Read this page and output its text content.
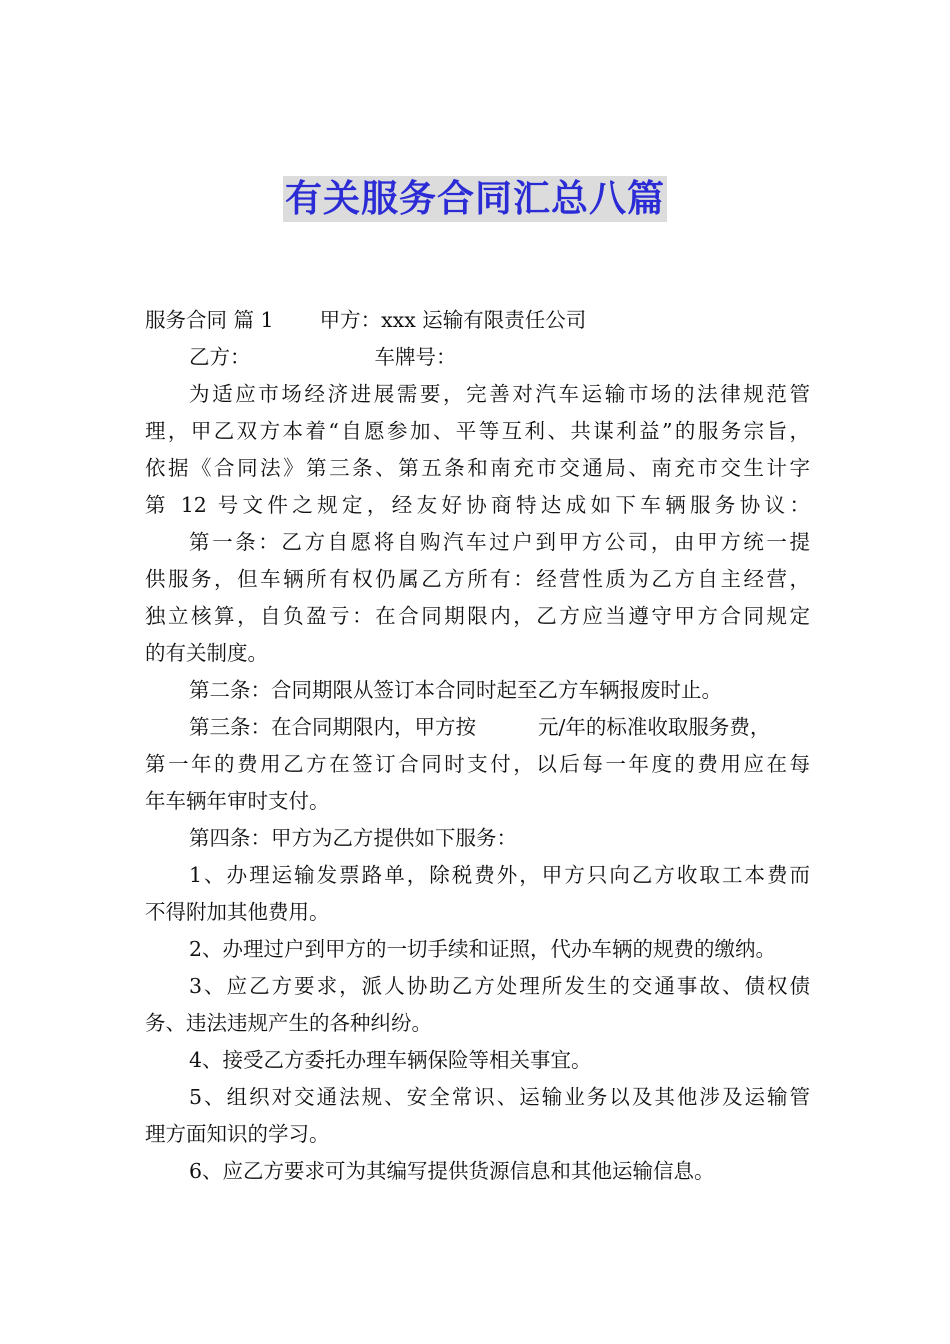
有关服务合同汇总八篇
服务合同 篇 1 甲方：xxx 运输有限责任公司
乙方：	车牌号：
为适应市场经济进展需要，完善对汽车运输市场的法律规范管
理，甲乙双方本着“自愿参加、平等互利、共谋利益”的服务宗旨，
依据《合同法》第三条、第五条和南充市交通局、南充市交生计字
第 12 号文件之规定，经友好协商特达成如下车辆服务协议：
第一条：乙方自愿将自购汽车过户到甲方公司，由甲方统一提
供服务，但车辆所有权仍属乙方所有：经营性质为乙方自主经营，
独立核算，自负盈亏：在合同期限内，乙方应当遵守甲方合同规定
的有关制度。
第二条：合同期限从签订本合同时起至乙方车辆报废时止。
第三条：在合同期限内，甲方按	元/年的标准收取服务费，
第一年的费用乙方在签订合同时支付，以后每一年度的费用应在每
年车辆年审时支付。
第四条：甲方为乙方提供如下服务：
1、办理运输发票路单，除税费外，甲方只向乙方收取工本费而
不得附加其他费用。
2、办理过户到甲方的一切手续和证照，代办车辆的规费的缴纳。
3、应乙方要求，派人协助乙方处理所发生的交通事故、债权债
务、违法违规产生的各种纠纷。
4、接受乙方委托办理车辆保险等相关事宜。
5、组织对交通法规、安全常识、运输业务以及其他涉及运输管
理方面知识的学习。
6、应乙方要求可为其编写提供货源信息和其他运输信息。
